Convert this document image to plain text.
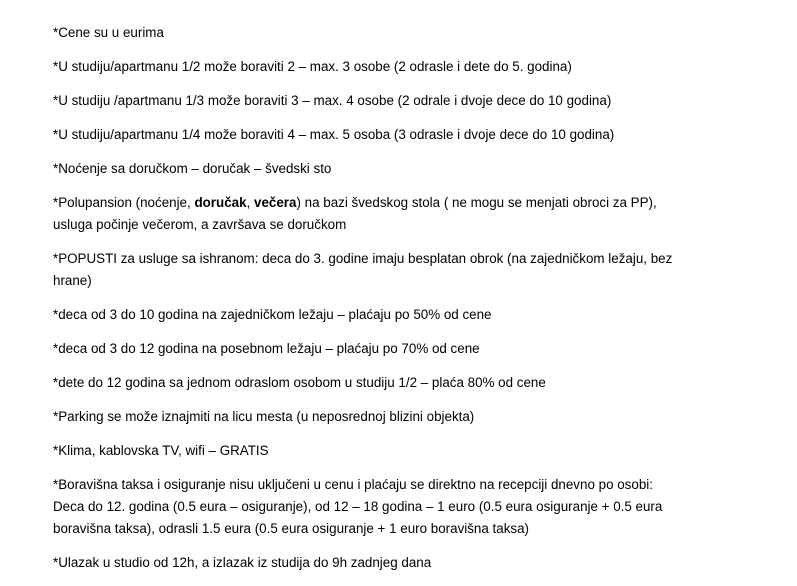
*Cene su u eurima

*U studiju/apartmanu 1/2 može boraviti 2 – max. 3 osobe (2 odrasle i dete do 5. godina)

*U studiju /apartmanu 1/3 može boraviti 3 – max. 4 osobe (2 odrale i dvoje dece do 10 godina)

*U studiju/apartmanu 1/4 može boraviti 4 – max. 5 osoba (3 odrasle i dvoje dece do 10 godina)

*Noćenje sa doručkom – doručak – švedski sto

*Polupansion (noćenje, doručak, večera) na bazi švedskog stola ( ne mogu se menjati obroci za PP),
usluga počinje večerom, a završava se doručkom

*POPUSTI za usluge sa ishranom: deca do 3. godine imaju besplatan obrok (na zajedničkom ležaju, bez
hrane)

*deca od 3 do 10 godina na zajedničkom ležaju – plaćaju po 50% od cene

*deca od 3 do 12 godina na posebnom ležaju – plaćaju po 70% od cene

*dete do 12 godina sa jednom odraslom osobom u studiju 1/2 – plaća 80% od cene

*Parking se može iznajmiti na licu mesta (u neposrednoj blizini objekta)

*Klima, kablovska TV, wifi – GRATIS

*Boravišna taksa i osiguranje nisu uključeni u cenu i plaćaju se direktno na recepciji dnevno po osobi:
Deca do 12. godina (0.5 eura – osiguranje), od 12 – 18 godina – 1 euro (0.5 eura osiguranje + 0.5 eura
boravišna taksa), odrasli 1.5 eura (0.5 eura osiguranje + 1 euro boravišna taksa)

*Ulazak u studio od 12h, a izlazak iz studija do 9h zadnjeg dana
